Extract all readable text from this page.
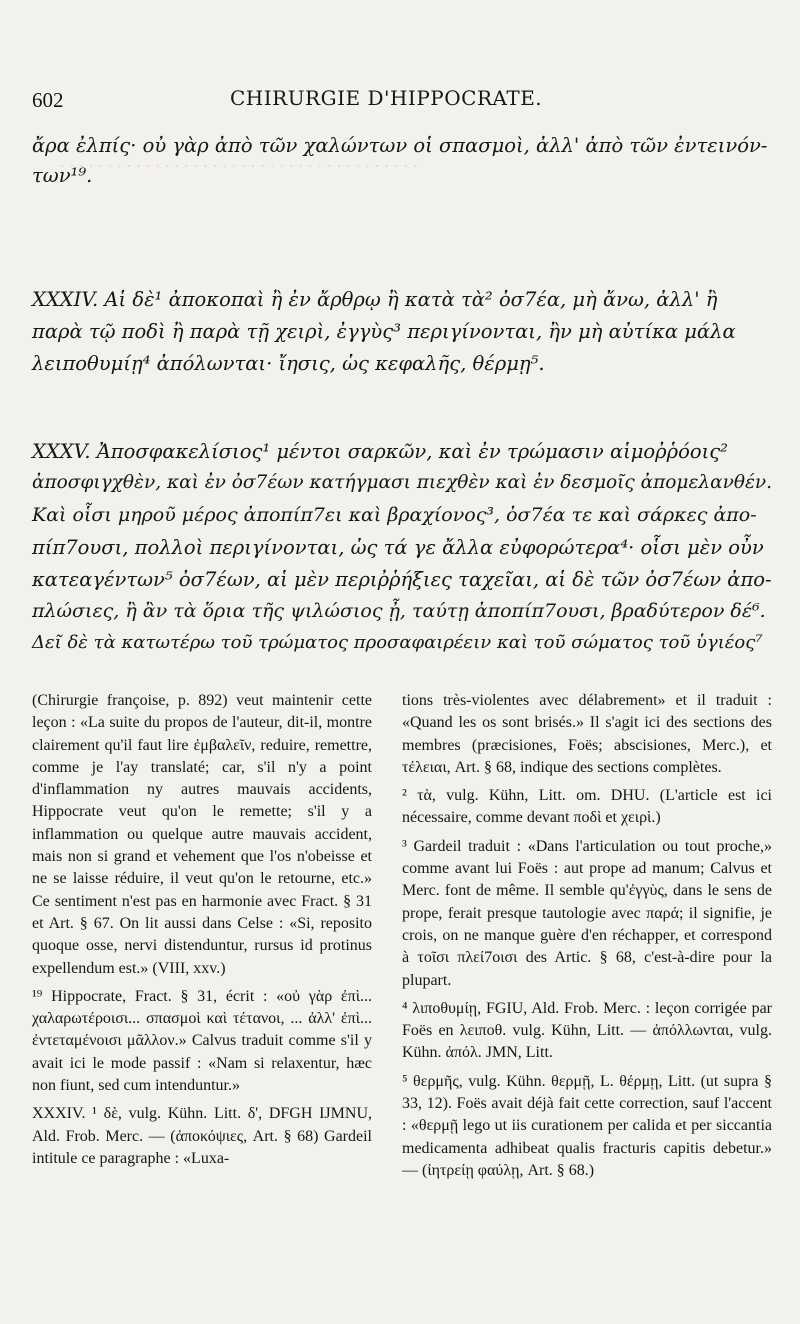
. . . . . . . . . . . . . . . . . . . . . . . . . . . . . . . . . . . . . .
602	CHIRURGIE D'HIPPOCRATE.
ἄρα ἐλπίς· οὐ γὰρ ἀπὸ τῶν χαλώντων οἱ σπασμοὶ, ἀλλ' ἀπὸ τῶν ἐντεινόν-
των¹⁹.
XXXIV. Αἱ δὲ¹ ἀποκοπαὶ ἢ ἐν ἄρθρῳ ἢ κατὰ τὰ² ὀσ7έα, μὴ ἄνω, ἀλλ' ἢ
παρὰ τῷ ποδὶ ἢ παρὰ τῇ χειρὶ, ἐγγὺς³ περιγίνονται, ἢν μὴ αὐτίκα μάλα
λειποθυμίῃ⁴ ἀπόλωνται· ἴησις, ὡς κεφαλῆς, θέρμῃ⁵.
XXXV. Ἀποσφακελίσιος¹ μέντοι σαρκῶν, καὶ ἐν τρώμασιν αἱμοῤῥόοις²
ἀποσφιγχθὲν, καὶ ἐν ὀσ7έων κατήγμασι πιεχθὲν καὶ ἐν δεσμοῖς ἀπομελανθέν.
Καὶ οἷσι μηροῦ μέρος ἀποπίπ7ει καὶ βραχίονος³, ὀσ7έα τε καὶ σάρκες ἀπο-
πίπ7ουσι, πολλοὶ περιγίνονται, ὡς τά γε ἄλλα εὐφορώτερα⁴· οἷσι μὲν οὖν
κατεαγέντων⁵ ὀσ7έων, αἱ μὲν περιῤῥήξιες ταχεῖαι, αἱ δὲ τῶν ὀσ7έων ἀπο-
πλώσιες, ἢ ἂν τὰ ὅρια τῆς ψιλώσιος ᾖ, ταύτῃ ἀποπίπ7ουσι, βραδύτερον δέ⁶.
Δεῖ δὲ τὰ κατωτέρω τοῦ τρώματος προσαφαιρέειν καὶ τοῦ σώματος τοῦ ὑγιέος⁷

(Chirurgie françoise, p. 892) veut maintenir cette leçon : «La suite du propos de l'auteur, dit-il, montre clairement qu'il faut lire ἐμβαλεῖν, reduire, remettre, comme je l'ay translaté; car, s'il n'y a point d'inflammation ny autres mauvais accidents, Hippocrate veut qu'on le remette; s'il y a inflammation ou quelque autre mauvais accident, mais non si grand et vehement que l'os n'obeisse et ne se laisse réduire, il veut qu'on le retourne, etc.» Ce sentiment n'est pas en harmonie avec Fract. § 31 et Art. § 67. On lit aussi dans Celse : «Si, reposito quoque osse, nervi distenduntur, rursus id protinus expellendum est.» (VIII, xxv.)

¹⁹ Hippocrate, Fract. § 31, écrit : «οὐ γὰρ ἐπὶ... χαλαρωτέροισι... σπασμοὶ καὶ τέτανοι, ... ἀλλ' ἐπὶ... ἐντεταμένοισι μᾶλλον.» Calvus traduit comme s'il y avait ici le mode passif : «Nam si relaxentur, hæc non fiunt, sed cum intenduntur.»

XXXIV. ¹ δὲ, vulg. Kühn. Litt. δ', DFGH IJMNU, Ald. Frob. Merc. — (ἀποκόψιες, Art. § 68) Gardeil intitule ce paragraphe : «Luxa-

tions très-violentes avec délabrement» et il traduit : «Quand les os sont brisés.» Il s'agit ici des sections des membres (præcisiones, Foës; abscisiones, Merc.), et τέλειαι, Art. § 68, indique des sections complètes.

² τὰ, vulg. Kühn, Litt. om. DHU. (L'article est ici nécessaire, comme devant ποδὶ et χειρὶ.)

³ Gardeil traduit : «Dans l'articulation ou tout proche,» comme avant lui Foës : aut prope ad manum; Calvus et Merc. font de même. Il semble qu'ἐγγὺς, dans le sens de prope, ferait presque tautologie avec παρά; il signifie, je crois, on ne manque guère d'en réchapper, et correspond à τοῖσι πλεί7οισι des Artic. § 68, c'est-à-dire pour la plupart.

⁴ λιποθυμίῃ, FGIU, Ald. Frob. Merc. : leçon corrigée par Foës en λειποθ. vulg. Kühn, Litt. — ἀπόλλωνται, vulg. Kühn. ἀπόλ. JMN, Litt.

⁵ θερμῆς, vulg. Kühn. θερμῇ, L. θέρμῃ, Litt. (ut supra § 33, 12). Foës avait déjà fait cette correction, sauf l'accent : «θερμῇ lego ut iis curationem per calida et per siccantia medicamenta adhibeat qualis fracturis capitis debetur.» — (ἰητρείῃ φαύλῃ, Art. § 68.)
